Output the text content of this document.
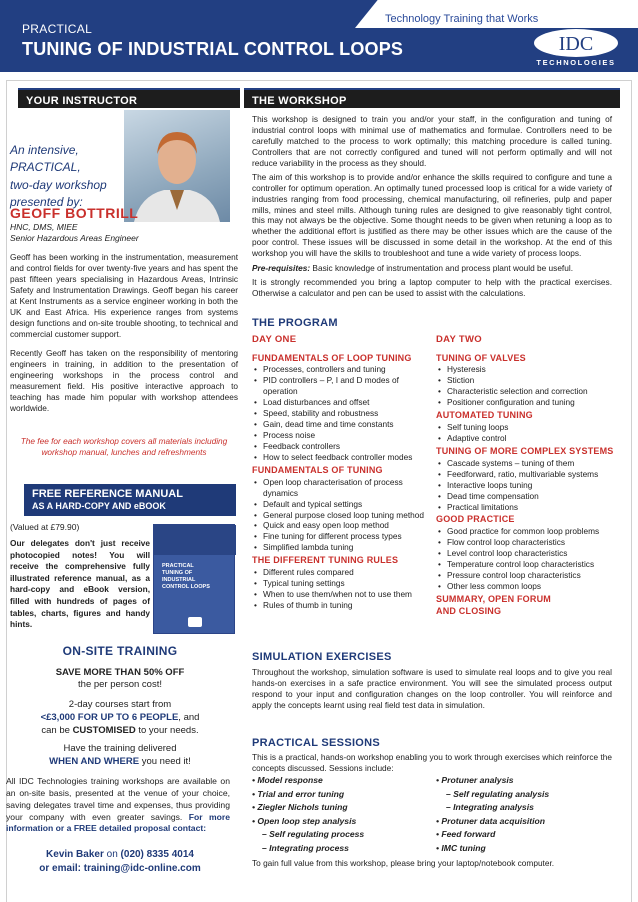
Technology Training that Works
PRACTICAL
TUNING OF INDUSTRIAL CONTROL LOOPS	IDC
TECHNOLOGIES
YOUR INSTRUCTOR
An intensive,
PRACTICAL,
two-day workshop
presented by:
GEOFF BOTTRILL
HNC, DMS, MIEE
Senior Hazardous Areas Engineer
Geoff has been working in the instrumentation, measurement and control fields for over twenty-five years and has spent the past fifteen years specialising in Hazardous Areas, Intrinsic Safety and Instrumentation Drawings. Geoff began his career at Kent Instruments as a service engineer working in both the UK and East Africa. His experience ranges from systems design functions and on-site trouble shooting, to technical and commercial customer support.
Recently Geoff has taken on the responsibility of mentoring engineers in training, in addition to the presentation of engineering workshops in the process control and measurement field. His positive interactive approach to teaching has made him popular with workshop attendees worldwide.
The fee for each workshop covers all materials including workshop manual, lunches and refreshments
FREE REFERENCE MANUAL
AS A HARD-COPY AND eBOOK
(Valued at £79.90)
Our delegates don't just receive photocopied notes! You will receive the comprehensive fully illustrated reference manual, as a hard-copy and eBook version, filled with hundreds of pages of tables, charts, figures and handy hints.
PRACTICAL
TUNING OF
INDUSTRIAL
CONTROL LOOPS
ON-SITE TRAINING
SAVE MORE THAN 50% OFF
the per person cost!
2-day courses start from
<£3,000 FOR UP TO 6 PEOPLE, and
can be CUSTOMISED to your needs.
Have the training delivered
WHEN AND WHERE you need it!
All IDC Technologies training workshops are available on an on-site basis, presented at the venue of your choice, saving delegates travel time and expenses, thus providing your company with even greater savings. For more information or a FREE detailed proposal contact:
Kevin Baker on (020) 8335 4014
or email: training@idc-online.com
THE WORKSHOP

This workshop is designed to train you and/or your staff, in the configuration and tuning of industrial control loops with minimal use of mathematics and formulae. Controllers need to be carefully matched to the process to work optimally; this matching procedure is called tuning. Controllers that are not correctly configured and tuned will not perform optimally and will not reduce variability in the process as they should.

The aim of this workshop is to provide and/or enhance the skills required to configure and tune a controller for optimum operation. An optimally tuned processed loop is critical for a wide variety of industries ranging from food processing, chemical manufacturing, oil refineries, pulp and paper mills, mines and steel mills. Although tuning rules are designed to give reasonably tight control, this may not always be the objective. Some thought needs to be given when retuning a loop as to whether the additional effort is justified as there may be other issues which are the cause of the poor control. These issues will be discussed in some detail in the workshop. At the end of this workshop you will have the skills to troubleshoot and tune a wide variety of process loops.

Pre-requisites: Basic knowledge of instrumentation and process plant would be useful.

It is strongly recommended you bring a laptop computer to help with the practical exercises. Otherwise a calculator and pen can be used to assist with the calculations.

THE PROGRAM
DAY ONE
FUNDAMENTALS OF LOOP TUNING
• Processes, controllers and tuning
• PID controllers – P, I and D modes of operation
• Load disturbances and offset
• Speed, stability and robustness
• Gain, dead time and time constants
• Process noise
• Feedback controllers
• How to select feedback controller modes
FUNDAMENTALS OF TUNING
• Open loop characterisation of process dynamics
• Default and typical settings
• General purpose closed loop tuning method
• Quick and easy open loop method
• Fine tuning for different process types
• Simplified lambda tuning
THE DIFFERENT TUNING RULES
• Different rules compared
• Typical tuning settings
• When to use them/when not to use them
• Rules of thumb in tuning
DAY TWO
TUNING OF VALVES
• Hysteresis
• Stiction
• Characteristic selection and correction
• Positioner configuration and tuning
AUTOMATED TUNING
• Self tuning loops
• Adaptive control
TUNING OF MORE COMPLEX SYSTEMS
• Cascade systems – tuning of them
• Feedforward, ratio, multivariable systems
• Interactive loops tuning
• Dead time compensation
• Practical limitations
GOOD PRACTICE
• Good practice for common loop problems
• Flow control loop characteristics
• Level control loop characteristics
• Temperature control loop characteristics
• Pressure control loop characteristics
• Other less common loops
SUMMARY, OPEN FORUM
AND CLOSING
SIMULATION EXERCISES
Throughout the workshop, simulation software is used to simulate real loops and to give you real hands-on exercises in a safe practice environment. You will see the simulated process output respond to your input and configuration changes on the loop controller. You will reinforce and apply the concepts learnt using real field test data in simulation.
PRACTICAL SESSIONS
This is a practical, hands-on workshop enabling you to work through exercises which reinforce the concepts discussed. Sessions include:
• Model response
• Trial and error tuning
• Ziegler Nichols tuning
• Open loop step analysis
– Self regulating process
– Integrating process
• Protuner analysis
– Self regulating analysis
– Integrating analysis
• Protuner data acquisition
• Feed forward
• IMC tuning
To gain full value from this workshop, please bring your laptop/notebook computer.
